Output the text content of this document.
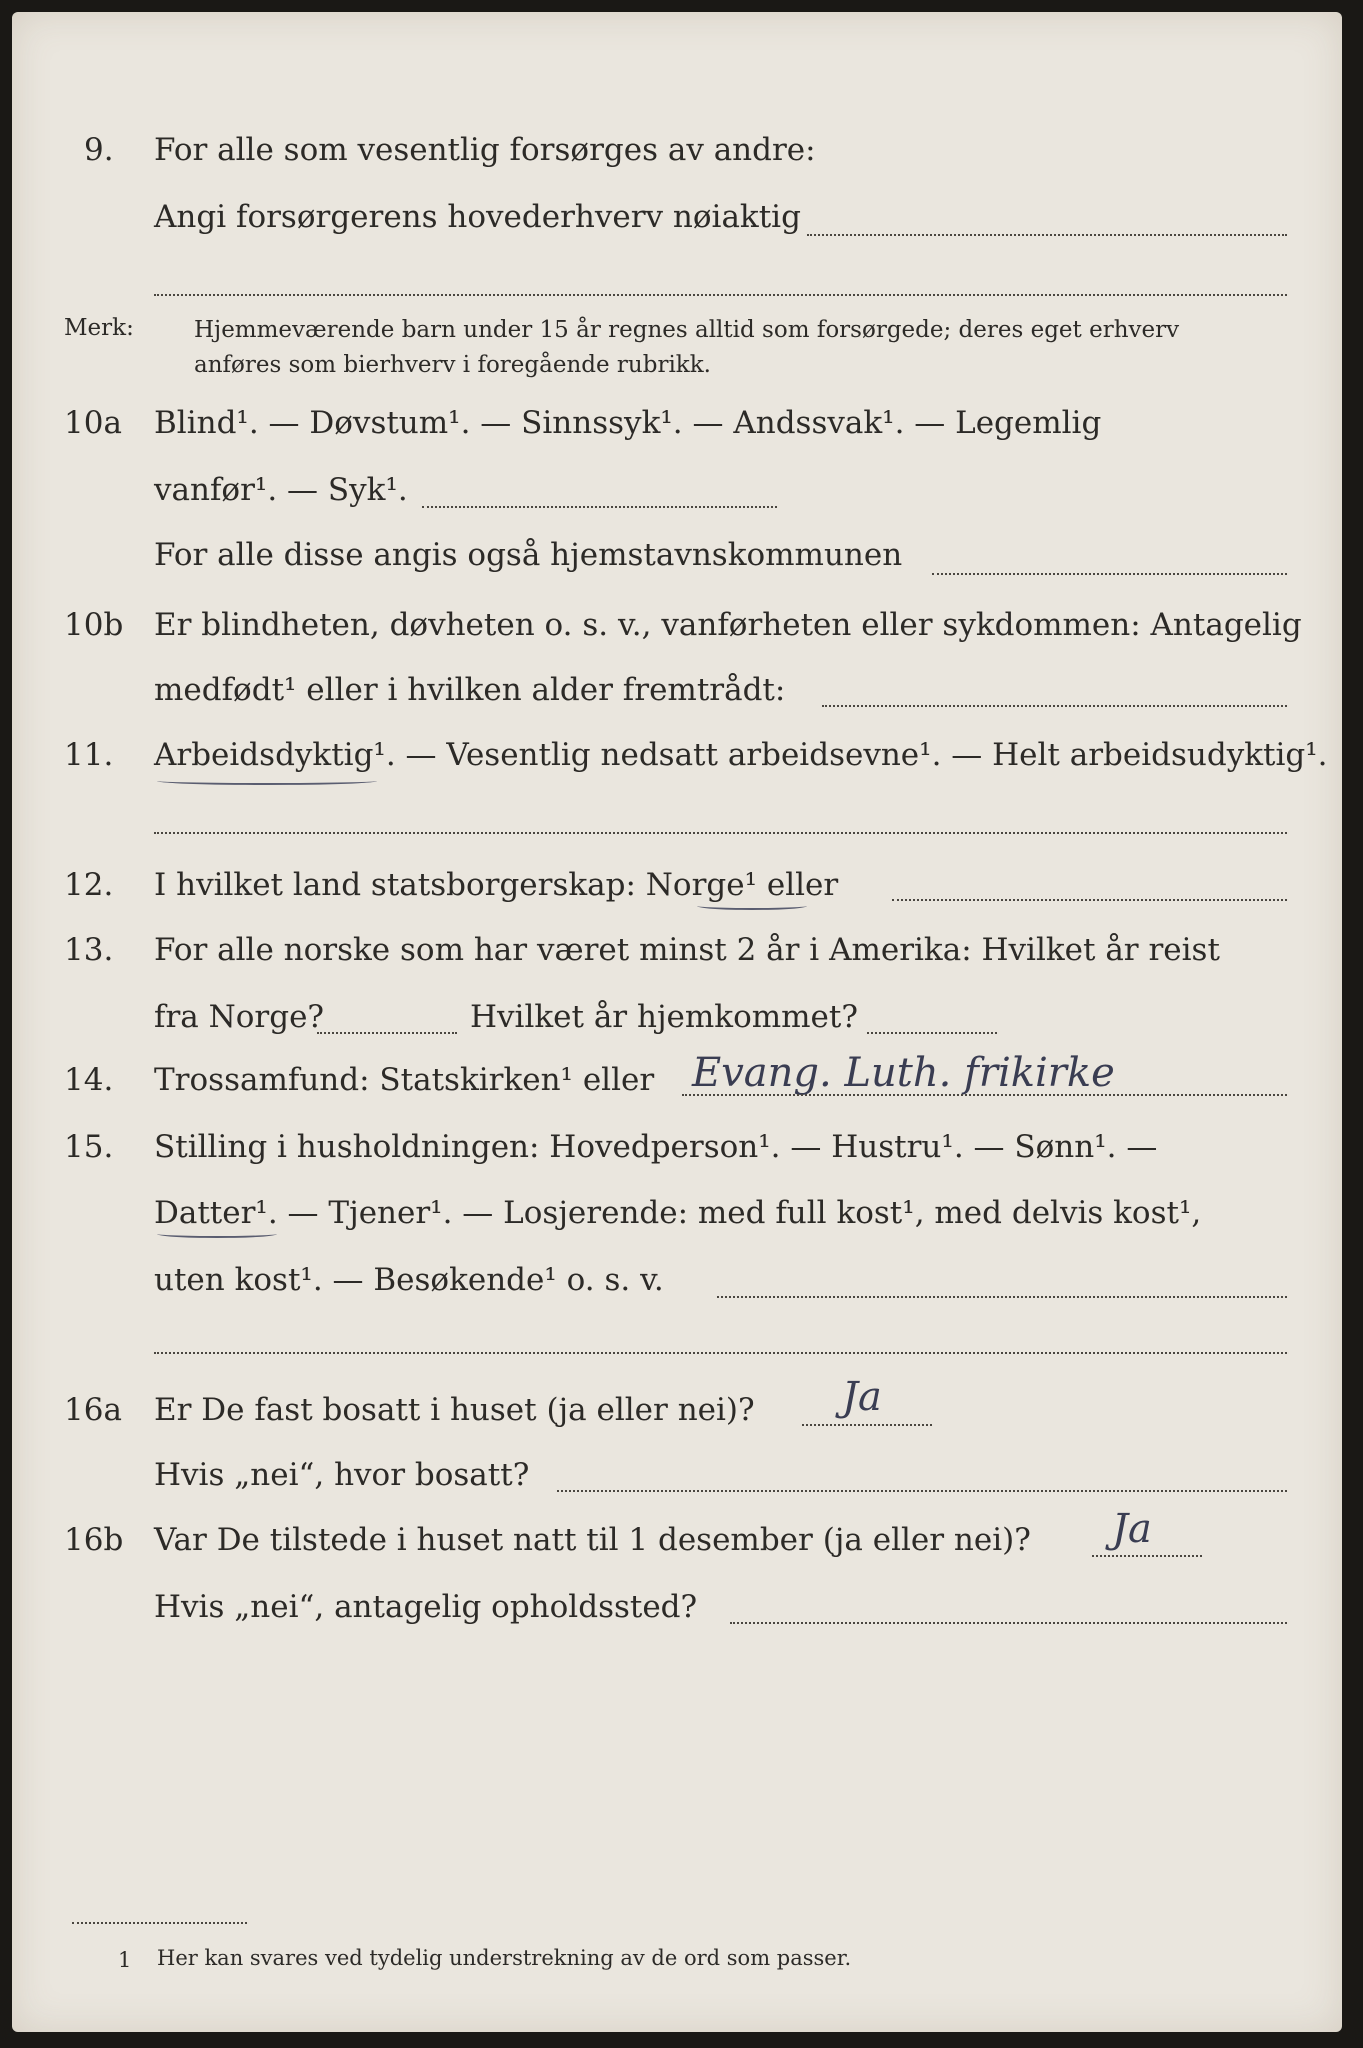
9. For alle som vesentlig forsørges av andre:
Angi forsørgerens hovederhverv nøiaktig
Merk:	Hjemmeværende barn under 15 år regnes alltid som forsørgede; deres eget erhverv
anføres som bierhverv i foregående rubrikk.
10a Blind¹. — Døvstum¹. — Sinnssyk¹. — Andssvak¹. — Legemlig
vanfør¹. — Syk¹.
For alle disse angis også hjemstavnskommunen
10b Er blindheten, døvheten o. s. v., vanførheten eller sykdommen: Antagelig
medfødt¹ eller i hvilken alder fremtrådt:
11. Arbeidsdyktig¹. — Vesentlig nedsatt arbeidsevne¹. — Helt arbeidsudyktig¹.
12. I hvilket land statsborgerskap: Norge¹ eller
13. For alle norske som har været minst 2 år i Amerika: Hvilket år reist
fra Norge?	Hvilket år hjemkommet?
14. Trossamfund: Statskirken¹ eller Evang. Luth. frikirke
15. Stilling i husholdningen: Hovedperson¹. — Hustru¹. — Sønn¹. —
Datter¹. — Tjener¹. — Losjerende: med full kost¹, med delvis kost¹,
uten kost¹. — Besøkende¹ o. s. v.
16a Er De fast bosatt i huset (ja eller nei)? Ja
Hvis „nei“, hvor bosatt?
16b Var De tilstede i huset natt til 1 desember (ja eller nei)? Ja
Hvis „nei“, antagelig opholdssted?
1 Her kan svares ved tydelig understrekning av de ord som passer.
